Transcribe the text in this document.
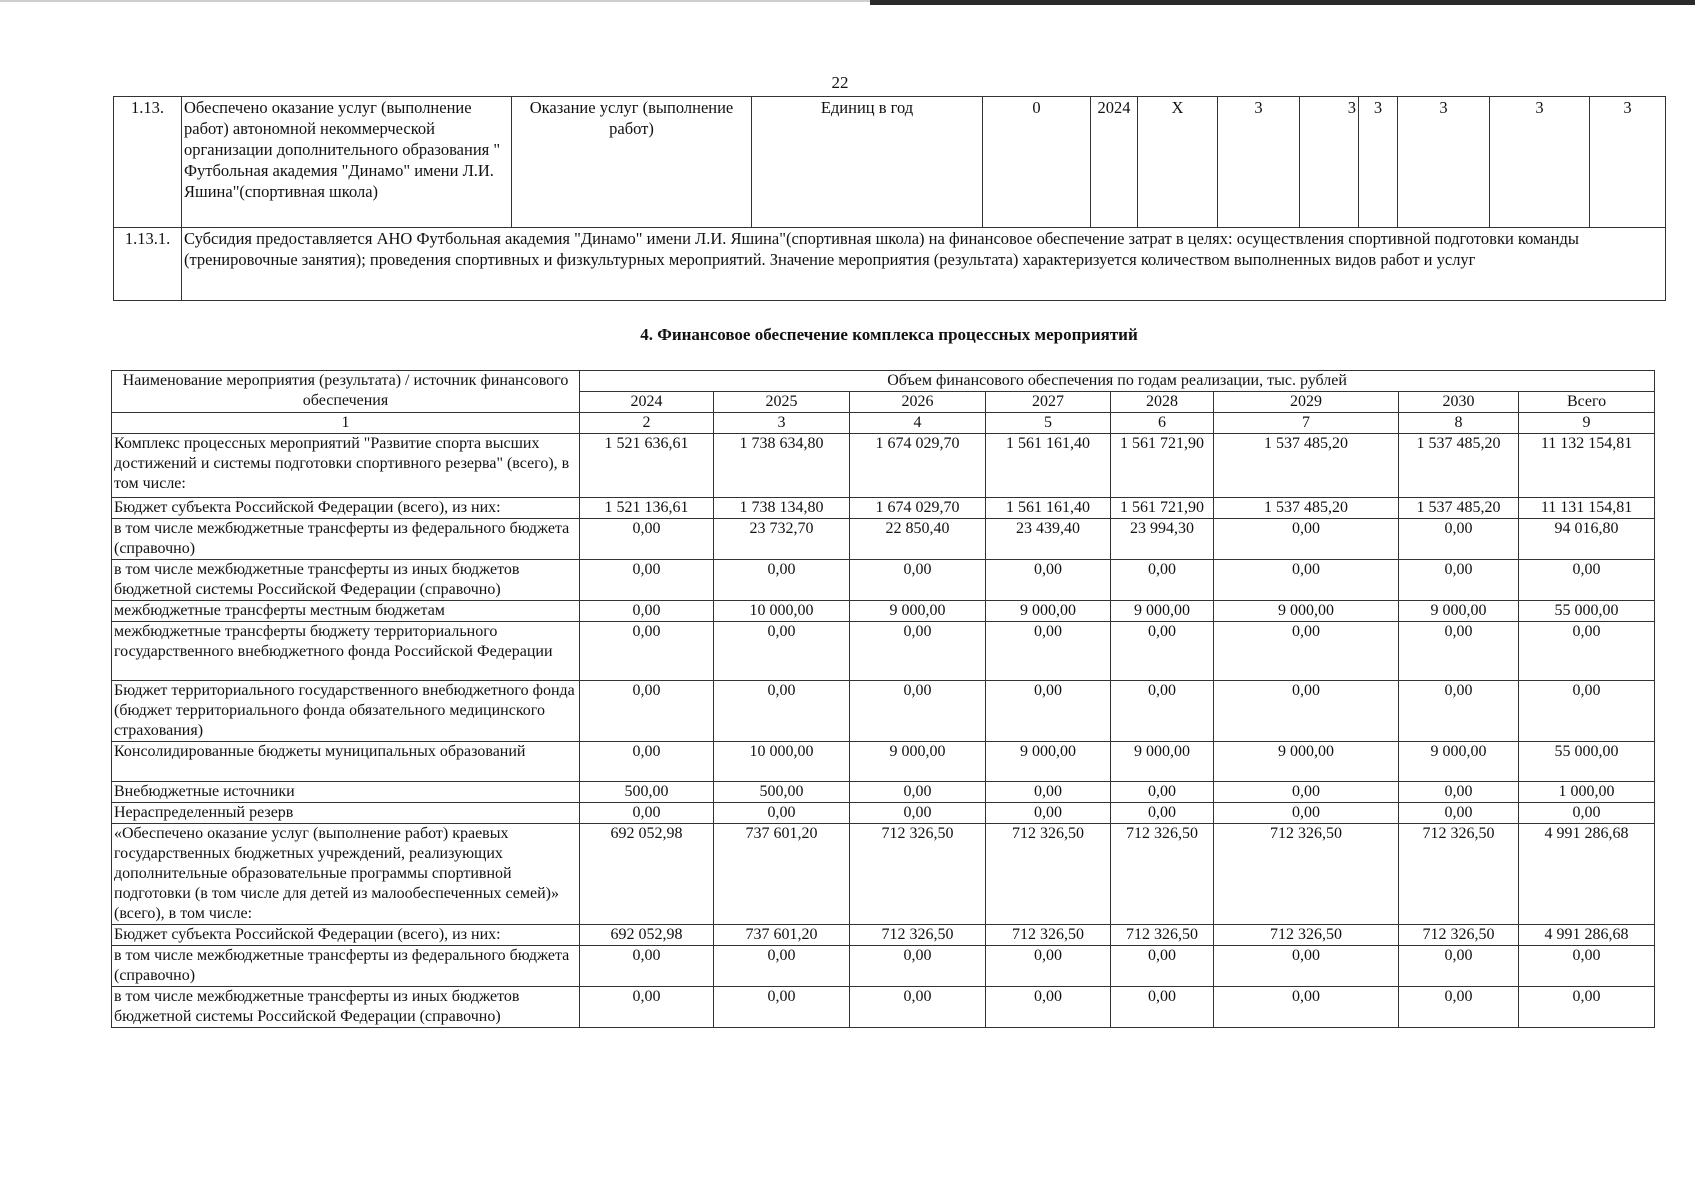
22
1.13.	Обеспечено оказание услуг (выполнение работ) автономной некоммерческой организации дополнительного образования " Футбольная академия "Динамо" имени Л.И. Яшина"(спортивная школа)	Оказание услуг (выполнение работ)	Единиц в год	0	2024	Х	3	3	3	3	3	3
1.13.1.	Субсидия предоставляется АНО Футбольная академия "Динамо" имени Л.И. Яшина"(спортивная школа) на финансовое обеспечение затрат в целях: осуществления спортивной подготовки команды (тренировочные занятия); проведения спортивных и физкультурных мероприятий. Значение мероприятия (результата) характеризуется количеством выполненных видов работ и услуг											
4. Финансовое обеспечение комплекса процессных мероприятий
Наименование мероприятия (результата) / источник финансового обеспечения	Объем финансового обеспечения по годам реализации, тыс. рублей							
	2024	2025	2026	2027	2028	2029	2030	Всего
1	2	3	4	5	6	7	8	9
Комплекс процессных мероприятий "Развитие спорта высших достижений и системы подготовки спортивного резерва" (всего), в том числе:	1 521 636,61	1 738 634,80	1 674 029,70	1 561 161,40	1 561 721,90	1 537 485,20	1 537 485,20	11 132 154,81
Бюджет субъекта Российской Федерации (всего), из них:	1 521 136,61	1 738 134,80	1 674 029,70	1 561 161,40	1 561 721,90	1 537 485,20	1 537 485,20	11 131 154,81
в том числе межбюджетные трансферты из федерального бюджета (справочно)	0,00	23 732,70	22 850,40	23 439,40	23 994,30	0,00	0,00	94 016,80
в том числе межбюджетные трансферты из иных бюджетов бюджетной системы Российской Федерации (справочно)	0,00	0,00	0,00	0,00	0,00	0,00	0,00	0,00
межбюджетные трансферты местным бюджетам	0,00	10 000,00	9 000,00	9 000,00	9 000,00	9 000,00	9 000,00	55 000,00
межбюджетные трансферты бюджету территориального государственного внебюджетного фонда Российской Федерации	0,00	0,00	0,00	0,00	0,00	0,00	0,00	0,00
Бюджет территориального государственного внебюджетного фонда (бюджет территориального фонда обязательного медицинского страхования)	0,00	0,00	0,00	0,00	0,00	0,00	0,00	0,00
Консолидированные бюджеты муниципальных образований	0,00	10 000,00	9 000,00	9 000,00	9 000,00	9 000,00	9 000,00	55 000,00
Внебюджетные источники	500,00	500,00	0,00	0,00	0,00	0,00	0,00	1 000,00
Нераспределенный резерв	0,00	0,00	0,00	0,00	0,00	0,00	0,00	0,00
«Обеспечено оказание услуг (выполнение работ) краевых государственных бюджетных учреждений, реализующих дополнительные образовательные программы спортивной подготовки (в том числе для детей из малообеспеченных семей)» (всего), в том числе:	692 052,98	737 601,20	712 326,50	712 326,50	712 326,50	712 326,50	712 326,50	4 991 286,68
Бюджет субъекта Российской Федерации (всего), из них:	692 052,98	737 601,20	712 326,50	712 326,50	712 326,50	712 326,50	712 326,50	4 991 286,68
в том числе межбюджетные трансферты из федерального бюджета (справочно)	0,00	0,00	0,00	0,00	0,00	0,00	0,00	0,00
в том числе межбюджетные трансферты из иных бюджетов бюджетной системы Российской Федерации (справочно)	0,00	0,00	0,00	0,00	0,00	0,00	0,00	0,00
